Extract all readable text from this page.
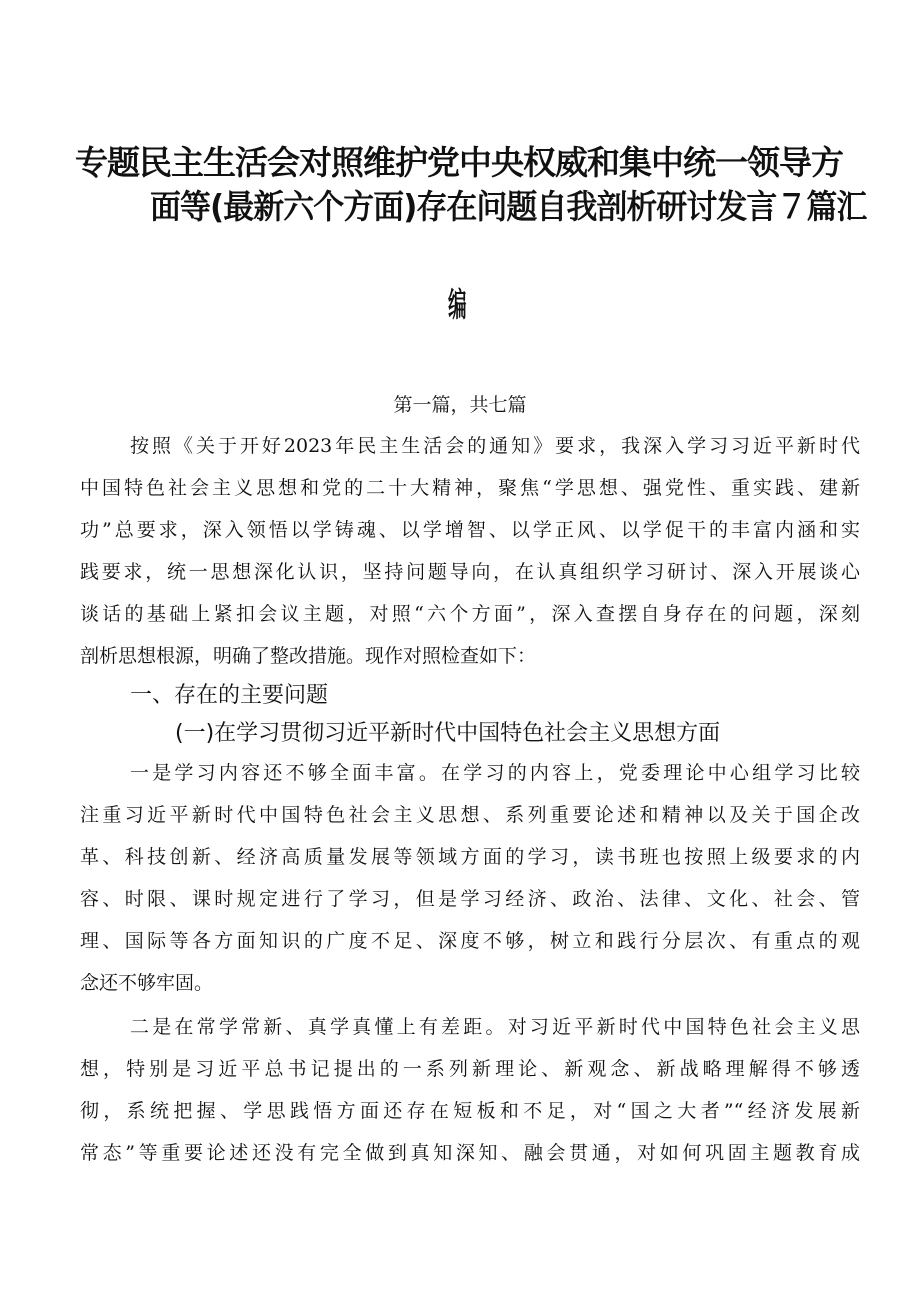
专题民主生活会对照维护党中央权威和集中统一领导方
面等(最新六个方面)存在问题自我剖析研讨发言７篇汇
编
第一篇，共七篇
按照《关于开好2023年民主生活会的通知》要求，我深入学习习近平新时代
中国特色社会主义思想和党的二十大精神，聚焦“学思想、强党性、重实践、建新
功”总要求，深入领悟以学铸魂、以学增智、以学正风、以学促干的丰富内涵和实
践要求，统一思想深化认识，坚持问题导向，在认真组织学习研讨、深入开展谈心
谈话的基础上紧扣会议主题，对照“六个方面”，深入查摆自身存在的问题，深刻
剖析思想根源，明确了整改措施。现作对照检查如下：
一、存在的主要问题
(一)在学习贯彻习近平新时代中国特色社会主义思想方面
一是学习内容还不够全面丰富。在学习的内容上，党委理论中心组学习比较
注重习近平新时代中国特色社会主义思想、系列重要论述和精神以及关于国企改
革、科技创新、经济高质量发展等领域方面的学习，读书班也按照上级要求的内
容、时限、课时规定进行了学习，但是学习经济、政治、法律、文化、社会、管
理、国际等各方面知识的广度不足、深度不够，树立和践行分层次、有重点的观
念还不够牢固。
二是在常学常新、真学真懂上有差距。对习近平新时代中国特色社会主义思
想，特别是习近平总书记提出的一系列新理论、新观念、新战略理解得不够透
彻，系统把握、学思践悟方面还存在短板和不足，对“国之大者”“经济发展新
常态”等重要论述还没有完全做到真知深知、融会贯通，对如何巩固主题教育成
